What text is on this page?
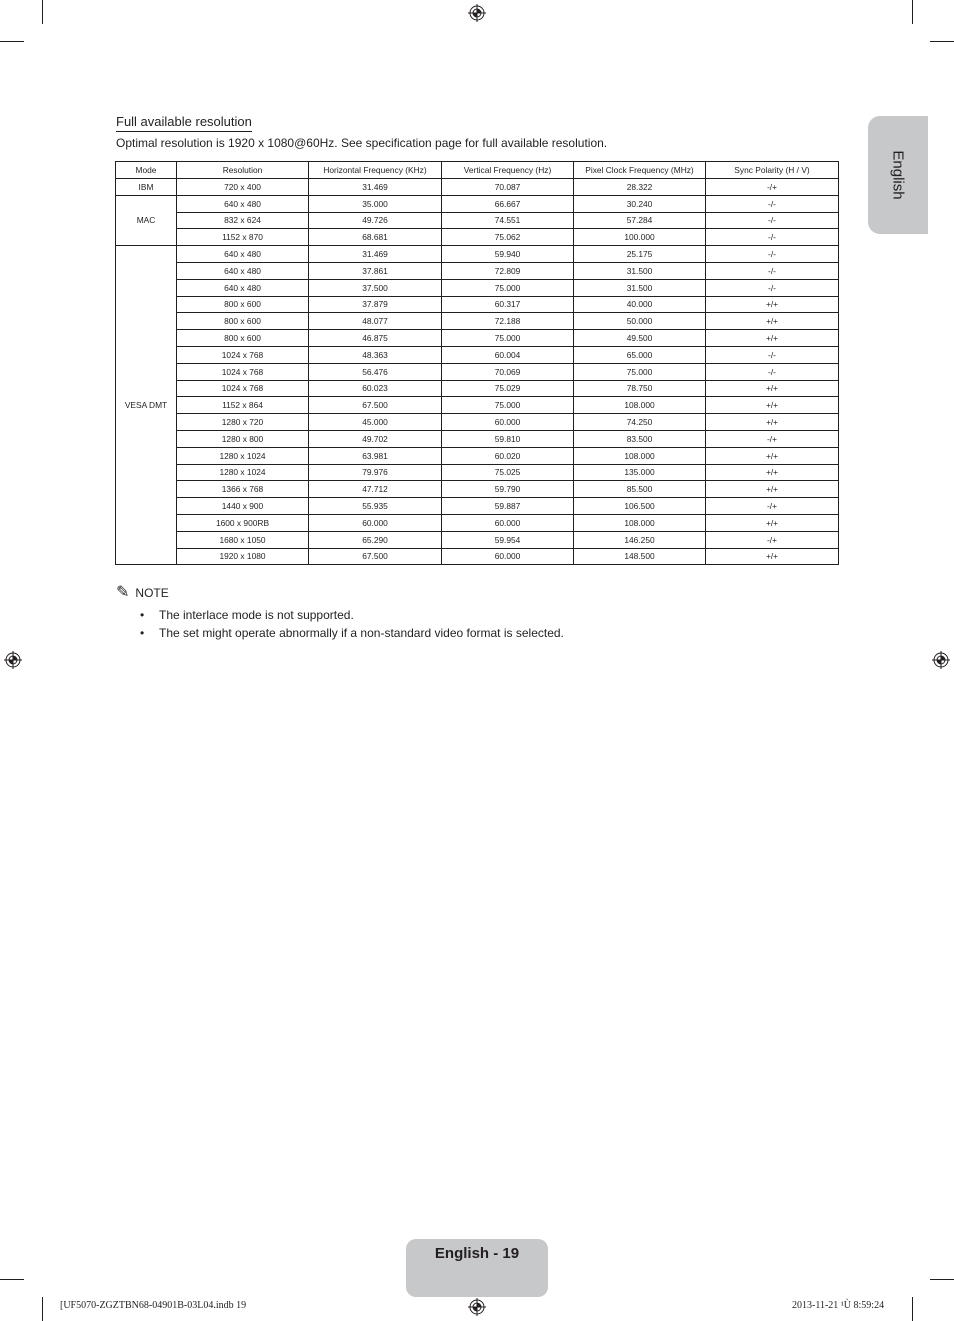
English
Full available resolution
Optimal resolution is 1920 x 1080@60Hz. See specification page for full available resolution.
Mode	Resolution	Horizontal Frequency (KHz)	Vertical Frequency (Hz)	Pixel Clock Frequency (MHz)	Sync Polarity (H / V)
IBM	720 x 400	31.469	70.087	28.322	-/+
MAC	640 x 480	35.000	66.667	30.240	-/-
	832 x 624	49.726	74.551	57.284	-/-
	1152 x 870	68.681	75.062	100.000	-/-
VESA DMT	640 x 480	31.469	59.940	25.175	-/-
	640 x 480	37.861	72.809	31.500	-/-
	640 x 480	37.500	75.000	31.500	-/-
	800 x 600	37.879	60.317	40.000	+/+
	800 x 600	48.077	72.188	50.000	+/+
	800 x 600	46.875	75.000	49.500	+/+
	1024 x 768	48.363	60.004	65.000	-/-
	1024 x 768	56.476	70.069	75.000	-/-
	1024 x 768	60.023	75.029	78.750	+/+
	1152 x 864	67.500	75.000	108.000	+/+
	1280 x 720	45.000	60.000	74.250	+/+
	1280 x 800	49.702	59.810	83.500	-/+
	1280 x 1024	63.981	60.020	108.000	+/+
	1280 x 1024	79.976	75.025	135.000	+/+
	1366 x 768	47.712	59.790	85.500	+/+
	1440 x 900	55.935	59.887	106.500	-/+
	1600 x 900RB	60.000	60.000	108.000	+/+
	1680 x 1050	65.290	59.954	146.250	-/+
	1920 x 1080	67.500	60.000	148.500	+/+
✎ NOTE
• The interlace mode is not supported.
• The set might operate abnormally if a non-standard video format is selected.
English - 19
[UF5070-ZGZTBN68-04901B-03L04.indb 19	2013-11-21 ¹Ù 8:59:24
